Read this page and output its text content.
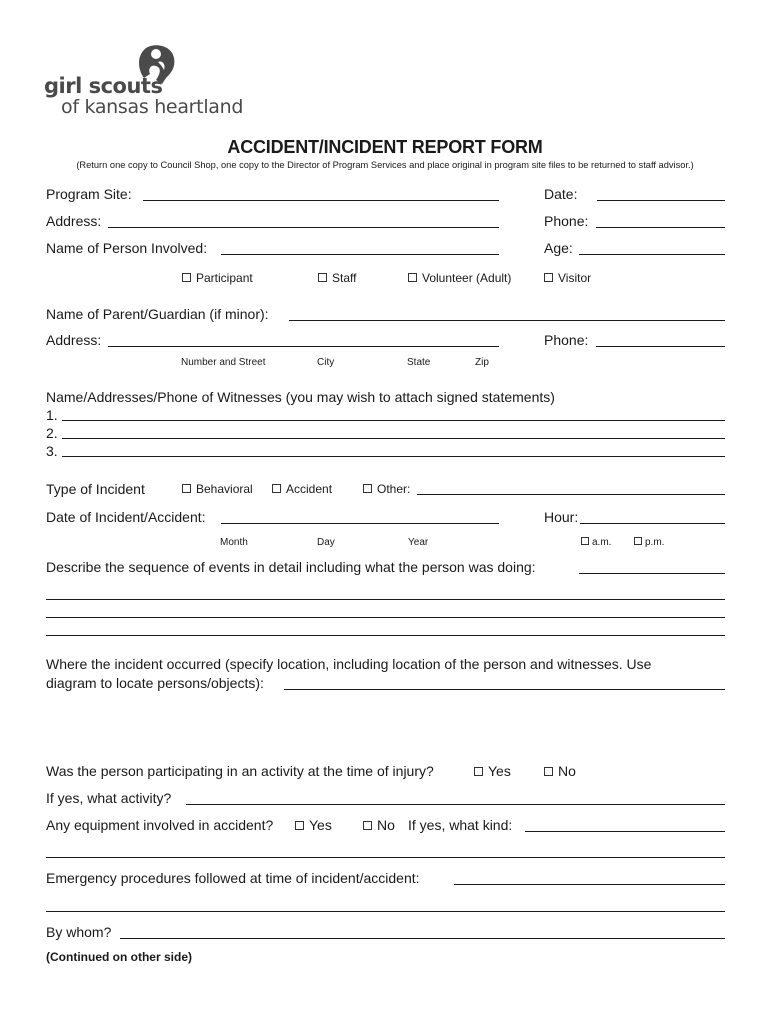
girl scouts
of kansas heartland
ACCIDENT/INCIDENT REPORT FORM
(Return one copy to Council Shop, one copy to the Director of Program Services and place original in program site files to be returned to staff advisor.)
Program Site:	Date:
Address:	Phone:
Name of Person Involved:	Age:
Participant	Staff	Volunteer (Adult)	Visitor
Name of Parent/Guardian (if minor):
Address:	Phone:
Number and Street	City	State	Zip
Name/Addresses/Phone of Witnesses (you may wish to attach signed statements)
1.
2.
3.
Type of Incident	Behavioral	Accident	Other:
Date of Incident/Accident:	Hour:
Month	Day	Year	a.m.	p.m.
Describe the sequence of events in detail including what the person was doing:
Where the incident occurred (specify location, including location of the person and witnesses. Use
diagram to locate persons/objects):
Was the person participating in an activity at the time of injury?	Yes	No
If yes, what activity?
Any equipment involved in accident?	Yes	No If yes, what kind:
Emergency procedures followed at time of incident/accident:
By whom?
(Continued on other side)
